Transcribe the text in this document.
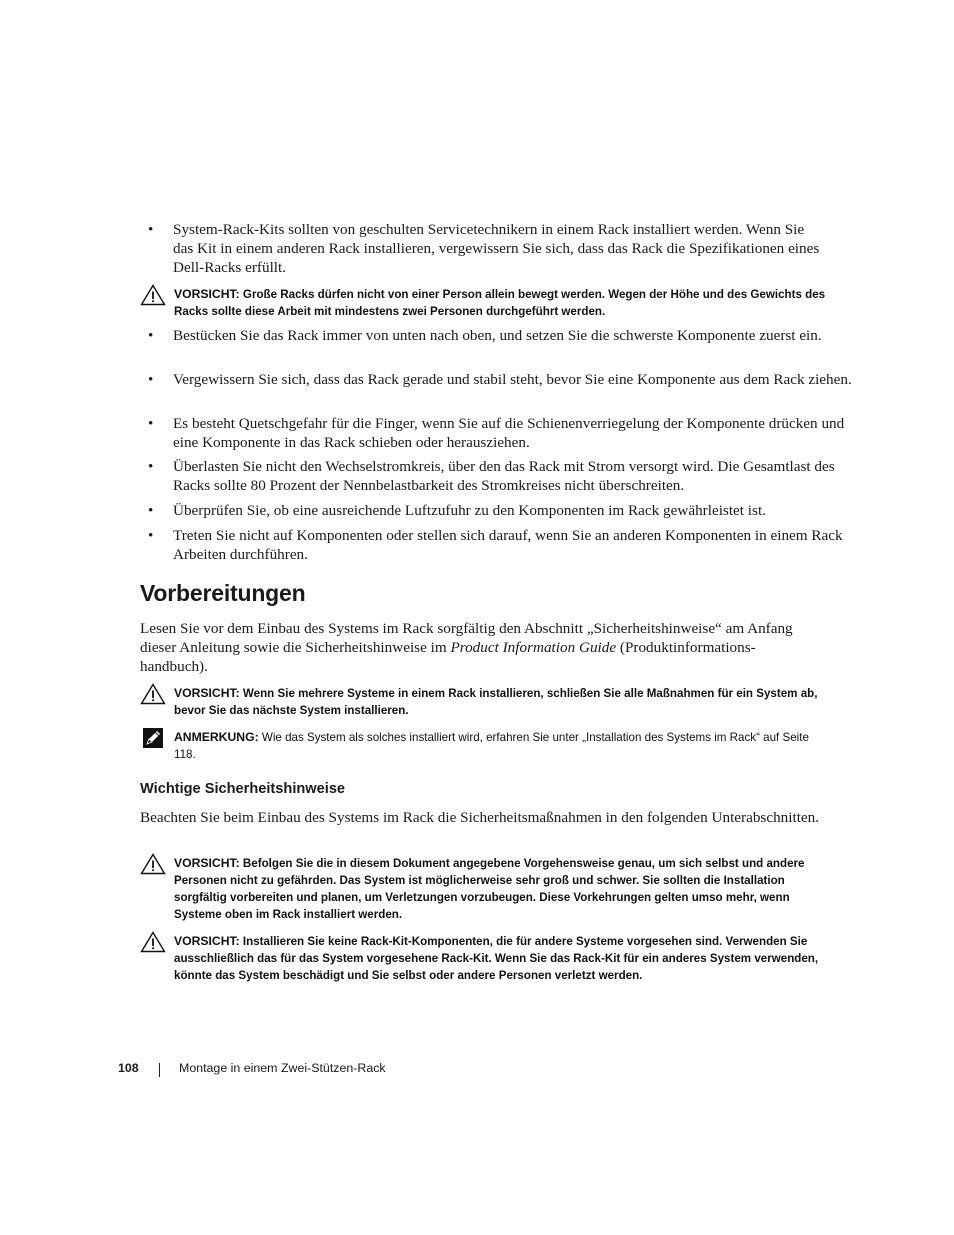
• System-Rack-Kits sollten von geschulten Servicetechnikern in einem Rack installiert werden. Wenn Sie das Kit in einem anderen Rack installieren, vergewissern Sie sich, dass das Rack die Spezifikationen eines Dell-Racks erfüllt.
VORSICHT: Große Racks dürfen nicht von einer Person allein bewegt werden. Wegen der Höhe und des Gewichts des Racks sollte diese Arbeit mit mindestens zwei Personen durchgeführt werden.
• Bestücken Sie das Rack immer von unten nach oben, und setzen Sie die schwerste Komponente zuerst ein.
• Vergewissern Sie sich, dass das Rack gerade und stabil steht, bevor Sie eine Komponente aus dem Rack ziehen.
• Es besteht Quetschgefahr für die Finger, wenn Sie auf die Schienenverriegelung der Komponente drücken und eine Komponente in das Rack schieben oder herausziehen.
• Überlasten Sie nicht den Wechselstromkreis, über den das Rack mit Strom versorgt wird. Die Gesamtlast des Racks sollte 80 Prozent der Nennbelastbarkeit des Stromkreises nicht überschreiten.
• Überprüfen Sie, ob eine ausreichende Luftzufuhr zu den Komponenten im Rack gewährleistet ist.
• Treten Sie nicht auf Komponenten oder stellen sich darauf, wenn Sie an anderen Komponenten in einem Rack Arbeiten durchführen.
Vorbereitungen

Lesen Sie vor dem Einbau des Systems im Rack sorgfältig den Abschnitt „Sicherheitshinweise“ am Anfang dieser Anleitung sowie die Sicherheitshinweise im Product Information Guide (Produktinformations-handbuch).

VORSICHT: Wenn Sie mehrere Systeme in einem Rack installieren, schließen Sie alle Maßnahmen für ein System ab, bevor Sie das nächste System installieren.
ANMERKUNG: Wie das System als solches installiert wird, erfahren Sie unter „Installation des Systems im Rack“ auf Seite 118.
Wichtige Sicherheitshinweise

Beachten Sie beim Einbau des Systems im Rack die Sicherheitsmaßnahmen in den folgenden Unterabschnitten.

VORSICHT: Befolgen Sie die in diesem Dokument angegebene Vorgehensweise genau, um sich selbst und andere Personen nicht zu gefährden. Das System ist möglicherweise sehr groß und schwer. Sie sollten die Installation sorgfältig vorbereiten und planen, um Verletzungen vorzubeugen. Diese Vorkehrungen gelten umso mehr, wenn Systeme oben im Rack installiert werden.
VORSICHT: Installieren Sie keine Rack-Kit-Komponenten, die für andere Systeme vorgesehen sind. Verwenden Sie ausschließlich das für das System vorgesehene Rack-Kit. Wenn Sie das Rack-Kit für ein anderes System verwenden, könnte das System beschädigt und Sie selbst oder andere Personen verletzt werden.
108	Montage in einem Zwei-Stützen-Rack
